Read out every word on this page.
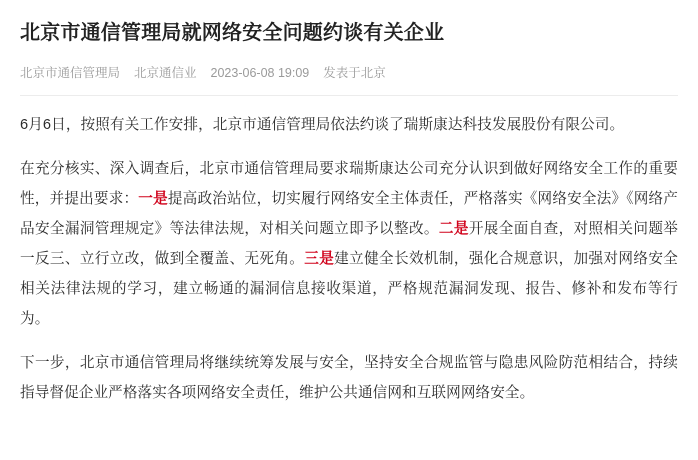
北京市通信管理局就网络安全问题约谈有关企业
北京市通信管理局 北京通信业 2023-06-08 19:09 发表于北京

6月6日，按照有关工作安排，北京市通信管理局依法约谈了瑞斯康达科技发展股份有限公司。

在充分核实、深入调查后，北京市通信管理局要求瑞斯康达公司充分认识到做好网络安全工作的重要性，并提出要求：一是提高政治站位，切实履行网络安全主体责任，严格落实《网络安全法》《网络产品安全漏洞管理规定》等法律法规，对相关问题立即予以整改。二是开展全面自查，对照相关问题举一反三、立行立改，做到全覆盖、无死角。三是建立健全长效机制，强化合规意识，加强对网络安全相关法律法规的学习，建立畅通的漏洞信息接收渠道，严格规范漏洞发现、报告、修补和发布等行为。

下一步，北京市通信管理局将继续统筹发展与安全，坚持安全合规监管与隐患风险防范相结合，持续指导督促企业严格落实各项网络安全责任，维护公共通信网和互联网网络安全。
